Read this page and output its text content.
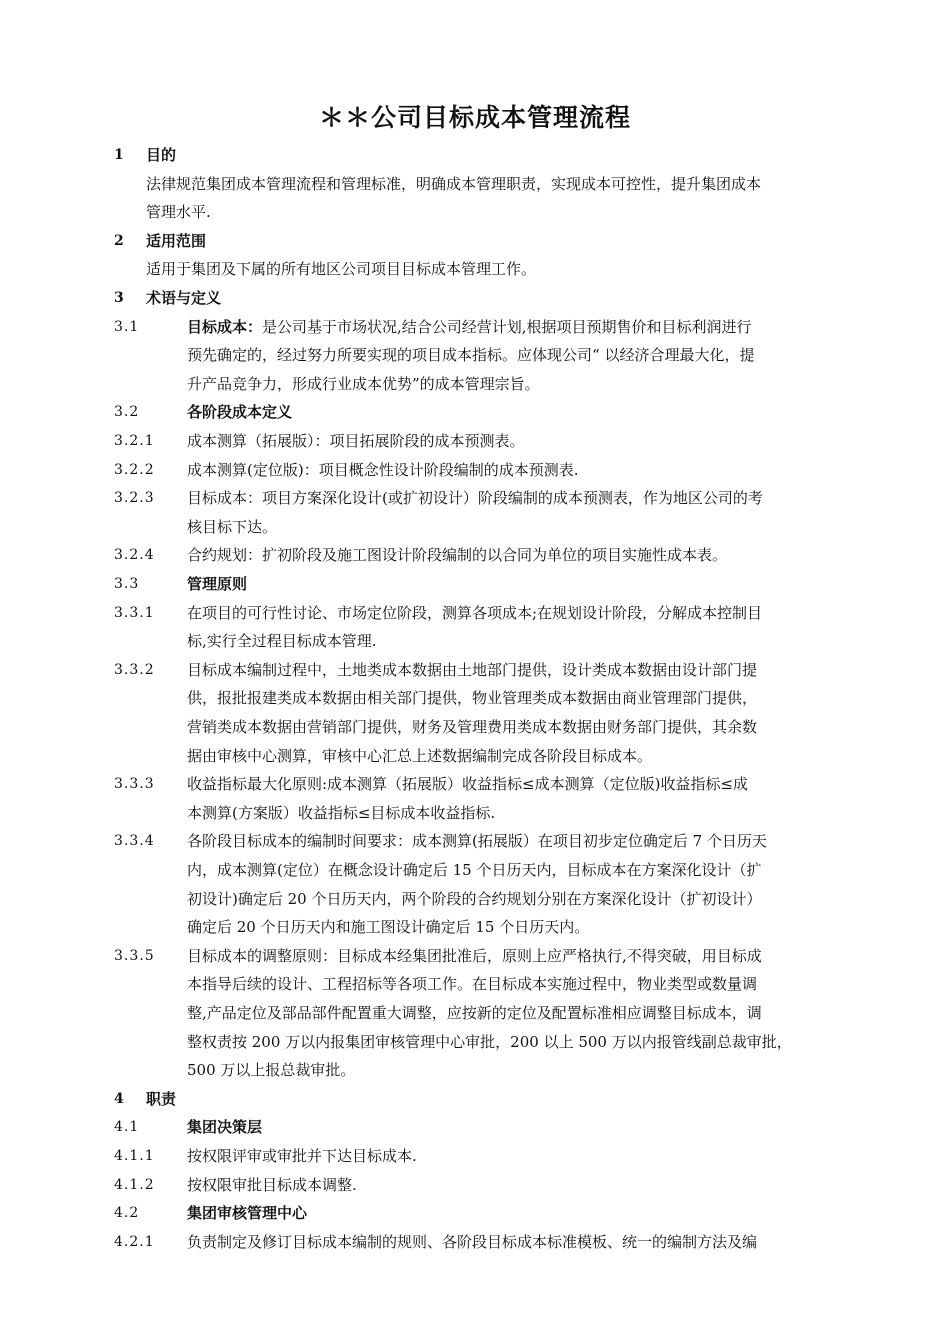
＊＊公司目标成本管理流程
1 目的
法律规范集团成本管理流程和管理标准，明确成本管理职责，实现成本可控性，提升集团成本
管理水平.
2 适用范围
适用于集团及下属的所有地区公司项目目标成本管理工作。
3 术语与定义
3.1	目标成本：是公司基于市场状况,结合公司经营计划,根据项目预期售价和目标利润进行
预先确定的，经过努力所要实现的项目成本指标。应体现公司“ 以经济合理最大化，提
升产品竞争力，形成行业成本优势”的成本管理宗旨。
3.2	各阶段成本定义
3.2.1 成本测算（拓展版）：项目拓展阶段的成本预测表。
3.2.2 成本测算(定位版)：项目概念性设计阶段编制的成本预测表.
3.2.3 目标成本：项目方案深化设计(或扩初设计）阶段编制的成本预测表，作为地区公司的考
核目标下达。
3.2.4 合约规划：扩初阶段及施工图设计阶段编制的以合同为单位的项目实施性成本表。
3.3	管理原则
3.3.1 在项目的可行性讨论、市场定位阶段，测算各项成本;在规划设计阶段，分解成本控制目
标,实行全过程目标成本管理.
3.3.2 目标成本编制过程中，土地类成本数据由土地部门提供，设计类成本数据由设计部门提
供，报批报建类成本数据由相关部门提供，物业管理类成本数据由商业管理部门提供，
营销类成本数据由营销部门提供，财务及管理费用类成本数据由财务部门提供，其余数
据由审核中心测算，审核中心汇总上述数据编制完成各阶段目标成本。
3.3.3 收益指标最大化原则:成本测算（拓展版）收益指标≤成本测算（定位版)收益指标≤成
本测算(方案版）收益指标≤目标成本收益指标.
3.3.4 各阶段目标成本的编制时间要求：成本测算(拓展版）在项目初步定位确定后 7 个日历天
内，成本测算(定位）在概念设计确定后 15 个日历天内，目标成本在方案深化设计（扩
初设计)确定后 20 个日历天内，两个阶段的合约规划分别在方案深化设计（扩初设计）
确定后 20 个日历天内和施工图设计确定后 15 个日历天内。
3.3.5 目标成本的调整原则：目标成本经集团批准后，原则上应严格执行,不得突破，用目标成
本指导后续的设计、工程招标等各项工作。在目标成本实施过程中，物业类型或数量调
整,产品定位及部品部件配置重大调整，应按新的定位及配置标准相应调整目标成本，调
整权责按 200 万以内报集团审核管理中心审批，200 以上 500 万以内报管线副总裁审批，
500 万以上报总裁审批。
4 职责
4.1	集团决策层
4.1.1 按权限评审或审批并下达目标成本.
4.1.2 按权限审批目标成本调整.
4.2	集团审核管理中心
4.2.1 负责制定及修订目标成本编制的规则、各阶段目标成本标准模板、统一的编制方法及编
